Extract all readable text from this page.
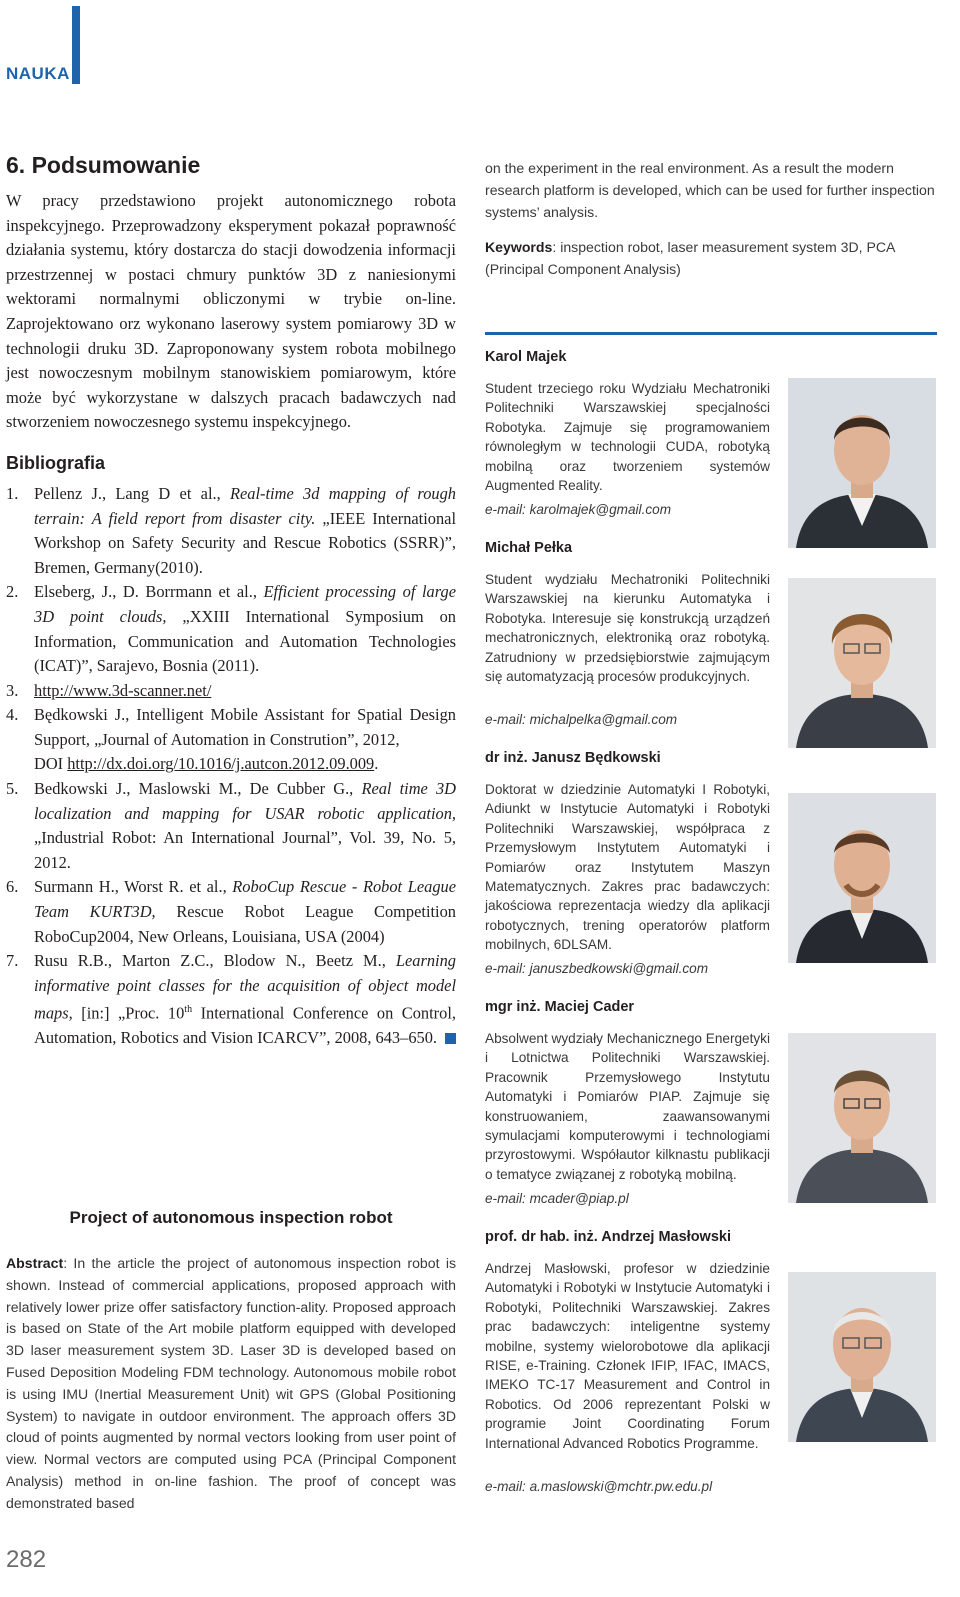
NAUKA
6. Podsumowanie

W pracy przedstawiono projekt autonomicznego robota inspekcyjnego. Przeprowadzony eksperyment pokazał poprawność działania systemu, który dostarcza do stacji dowodzenia informacji przestrzennej w postaci chmury punktów 3D z naniesionymi wektorami normalnymi obliczonymi w trybie on-line. Zaprojektowano orz wykonano laserowy system pomiarowy 3D w technologii druku 3D. Zaproponowany system robota mobilnego jest nowoczesnym mobilnym stanowiskiem pomiarowym, które może być wykorzystane w dalszych pracach badawczych nad stworzeniem nowoczesnego systemu inspekcyjnego.

Bibliografia
1. Pellenz J., Lang D et al., Real-time 3d mapping of rough terrain: A field report from disaster city. „IEEE International Workshop on Safety Security and Rescue Robotics (SSRR)”, Bremen, Germany(2010).
2. Elseberg, J., D. Borrmann et al., Efficient processing of large 3D point clouds, „XXIII International Symposium on Information, Communication and Automation Technologies (ICAT)”, Sarajevo, Bosnia (2011).
3. http://www.3d-scanner.net/
4. Będkowski J., Intelligent Mobile Assistant for Spatial Design Support, „Journal of Automation in Constrution”, 2012,
DOI http://dx.doi.org/10.1016/j.autcon.2012.09.009.
5. Bedkowski J., Maslowski M., De Cubber G., Real time 3D localization and mapping for USAR robotic application, „Industrial Robot: An International Journal”, Vol. 39, No. 5, 2012.
6. Surmann H., Worst R. et al., RoboCup Rescue - Robot League Team KURT3D, Rescue Robot League Competition RoboCup2004, New Orleans, Louisiana, USA (2004)
7. Rusu R.B., Marton Z.C., Blodow N., Beetz M., Learning informative point classes for the acquisition of object model maps, [in:] „Proc. 10th International Conference on Control, Automation, Robotics and Vision ICARCV”, 2008, 643–650.
Project of autonomous inspection robot
Abstract: In the article the project of autonomous inspection robot is shown. Instead of commercial applications, proposed approach with relatively lower prize offer satisfactory function-ality. Proposed approach is based on State of the Art mobile platform equipped with developed 3D laser measurement system 3D. Laser 3D is developed based on Fused Deposition Modeling FDM technology. Autonomous mobile robot is using IMU (Inertial Measurement Unit) wit GPS (Global Positioning System) to navigate in outdoor environment. The approach offers 3D cloud of points augmented by normal vectors looking from user point of view. Normal vectors are computed using PCA (Principal Component Analysis) method in on-line fashion. The proof of concept was demonstrated based

on the experiment in the real environment. As a result the modern research platform is developed, which can be used for further inspection systems’ analysis.

Keywords: inspection robot, laser measurement system 3D, PCA (Principal Component Analysis)

Karol Majek
Student trzeciego roku Wydziału Mechatroniki Politechniki Warszawskiej specjalności Robotyka. Zajmuje się programowaniem równoległym w technologii CUDA, robotyką mobilną oraz tworzeniem systemów Augmented Reality.
e-mail: karolmajek@gmail.com
Michał Pełka
Student wydziału Mechatroniki Politechniki Warszawskiej na kierunku Automatyka i Robotyka. Interesuje się konstrukcją urządzeń mechatronicznych, elektroniką oraz robotyką. Zatrudniony w przedsiębiorstwie zajmującym się automatyzacją procesów produkcyjnych.
e-mail: michalpelka@gmail.com
dr inż. Janusz Będkowski
Doktorat w dziedzinie Automatyki I Robotyki, Adiunkt w Instytucie Automatyki i Robotyki Politechniki Warszawskiej, współpraca z Przemysłowym Instytutem Automatyki i Pomiarów oraz Instytutem Maszyn Matematycznych. Zakres prac badawczych: jakościowa reprezentacja wiedzy dla aplikacji robotycznych, trening operatorów platform mobilnych, 6DLSAM.
e-mail: januszbedkowski@gmail.com
mgr inż. Maciej Cader
Absolwent wydziały Mechanicznego Energetyki i Lotnictwa Politechniki Warszawskiej. Pracownik Przemysłowego Instytutu Automatyki i Pomiarów PIAP. Zajmuje się konstruowaniem, zaawansowanymi symulacjami komputerowymi i technologiami przyrostowymi. Współautor kilknastu publikacji o tematyce związanej z robotyką mobilną.
e-mail: mcader@piap.pl
prof. dr hab. inż. Andrzej Masłowski
Andrzej Masłowski, profesor w dziedzinie Automatyki i Robotyki w Instytucie Automatyki i Robotyki, Politechniki Warszawskiej. Zakres prac badawczych: inteligentne systemy mobilne, systemy wielorobotowe dla aplikacji RISE, e-Training. Członek IFIP, IFAC, IMACS, IMEKO TC-17 Measurement and Control in Robotics. Od 2006 reprezentant Polski w programie Joint Coordinating Forum International Advanced Robotics Programme.
e-mail: a.maslowski@mchtr.pw.edu.pl
282
